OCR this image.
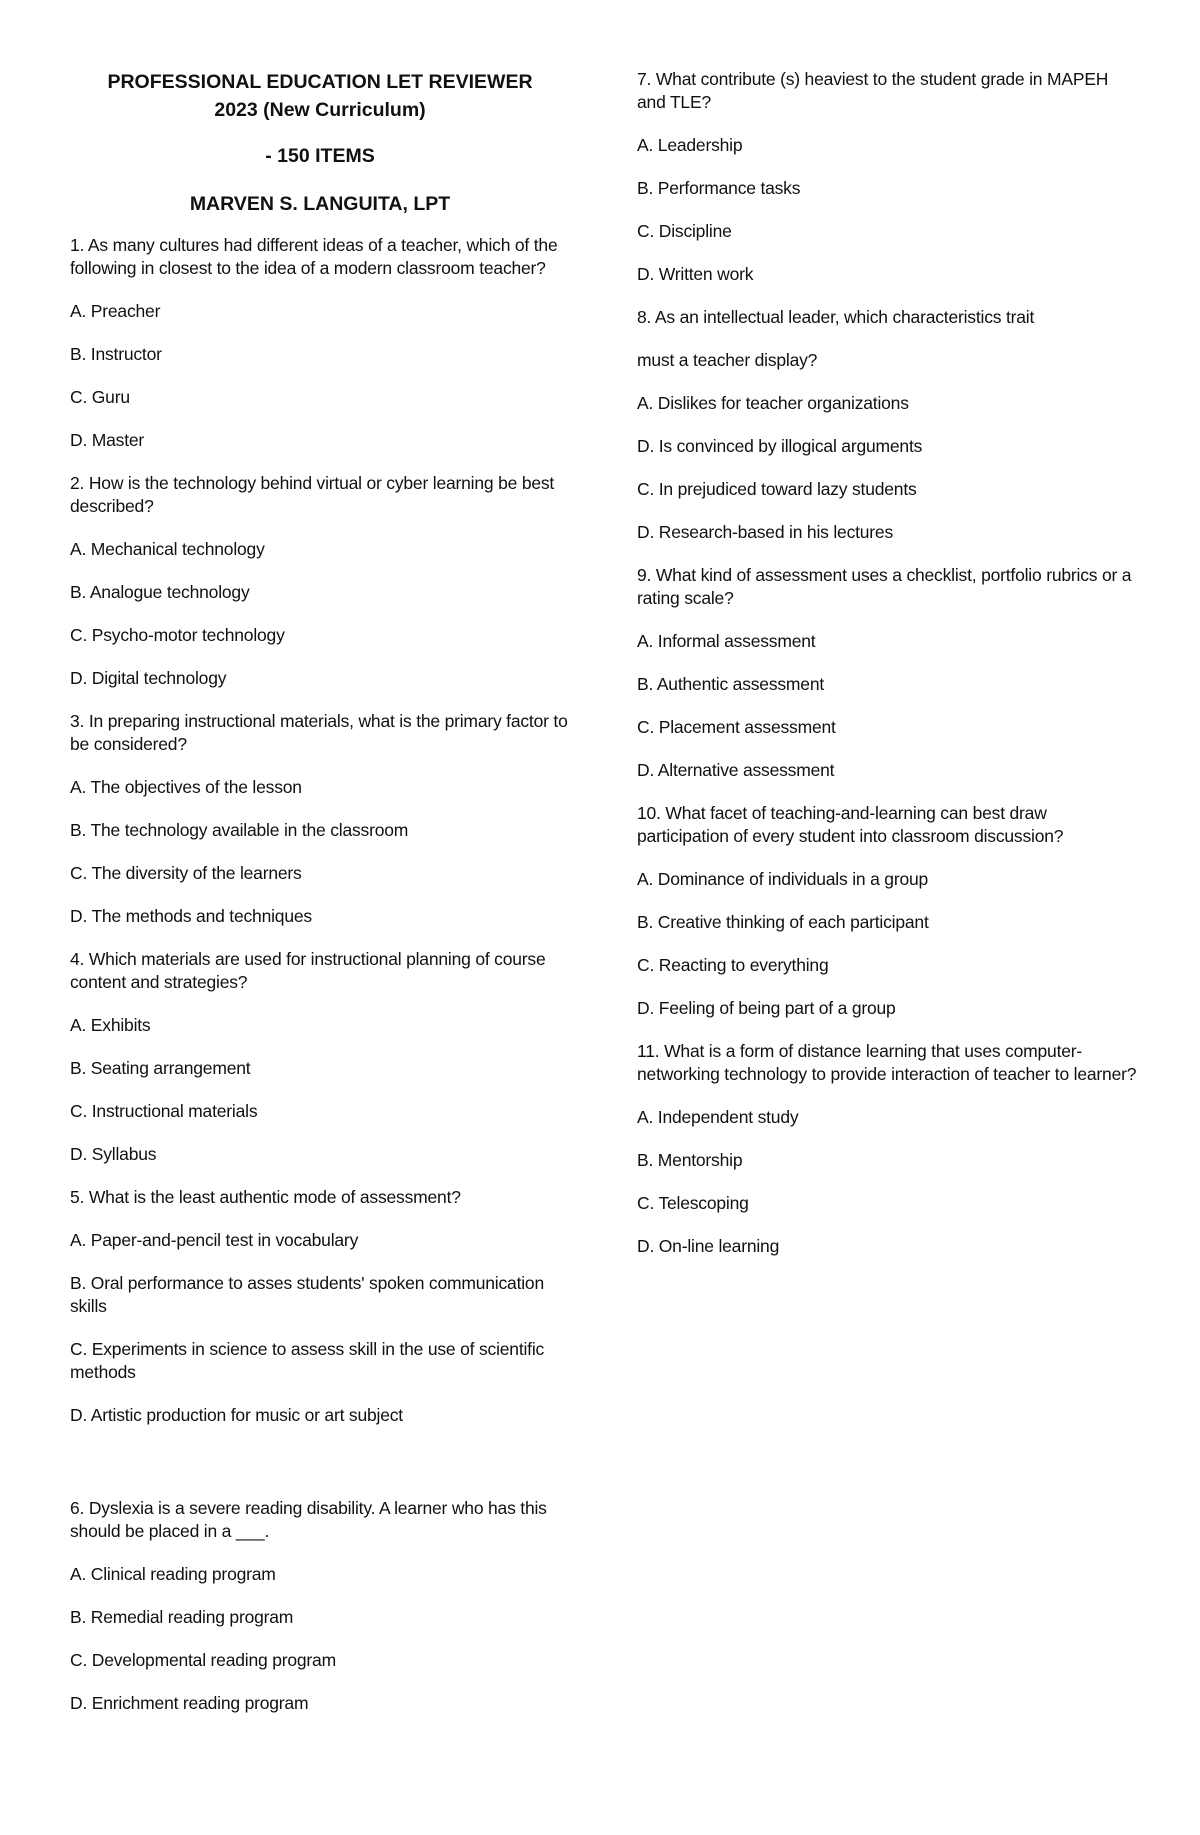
PROFESSIONAL EDUCATION LET REVIEWER

2023 (New Curriculum)

- 150 ITEMS

MARVEN S. LANGUITA, LPT

1. As many cultures had different ideas of a teacher, which of the following in closest to the idea of a modern classroom teacher?

A. Preacher

B. Instructor

C. Guru

D. Master

2. How is the technology behind virtual or cyber learning be best described?

A. Mechanical technology

B. Analogue technology

C. Psycho-motor technology

D. Digital technology

3. In preparing instructional materials, what is the primary factor to be considered?

A. The objectives of the lesson

B. The technology available in the classroom

C. The diversity of the learners

D. The methods and techniques

4. Which materials are used for instructional planning of course content and strategies?

A. Exhibits

B. Seating arrangement

C. Instructional materials

D. Syllabus

5. What is the least authentic mode of assessment?

A. Paper-and-pencil test in vocabulary

B. Oral performance to asses students' spoken communication skills

C. Experiments in science to assess skill in the use of scientific methods

D. Artistic production for music or art subject

6. Dyslexia is a severe reading disability. A learner who has this should be placed in a ___.

A. Clinical reading program

B. Remedial reading program

C. Developmental reading program

D. Enrichment reading program

7. What contribute (s) heaviest to the student grade in MAPEH and TLE?

A. Leadership

B. Performance tasks

C. Discipline

D. Written work

8. As an intellectual leader, which characteristics trait

must a teacher display?

A. Dislikes for teacher organizations

D. Is convinced by illogical arguments

C. In prejudiced toward lazy students

D. Research-based in his lectures

9. What kind of assessment uses a checklist, portfolio rubrics or a rating scale?

A. Informal assessment

B. Authentic assessment

C. Placement assessment

D. Alternative assessment

10. What facet of teaching-and-learning can best draw participation of every student into classroom discussion?

A. Dominance of individuals in a group

B. Creative thinking of each participant

C. Reacting to everything

D. Feeling of being part of a group

11. What is a form of distance learning that uses computer-networking technology to provide interaction of teacher to learner?

A. Independent study

B. Mentorship

C. Telescoping

D. On-line learning
